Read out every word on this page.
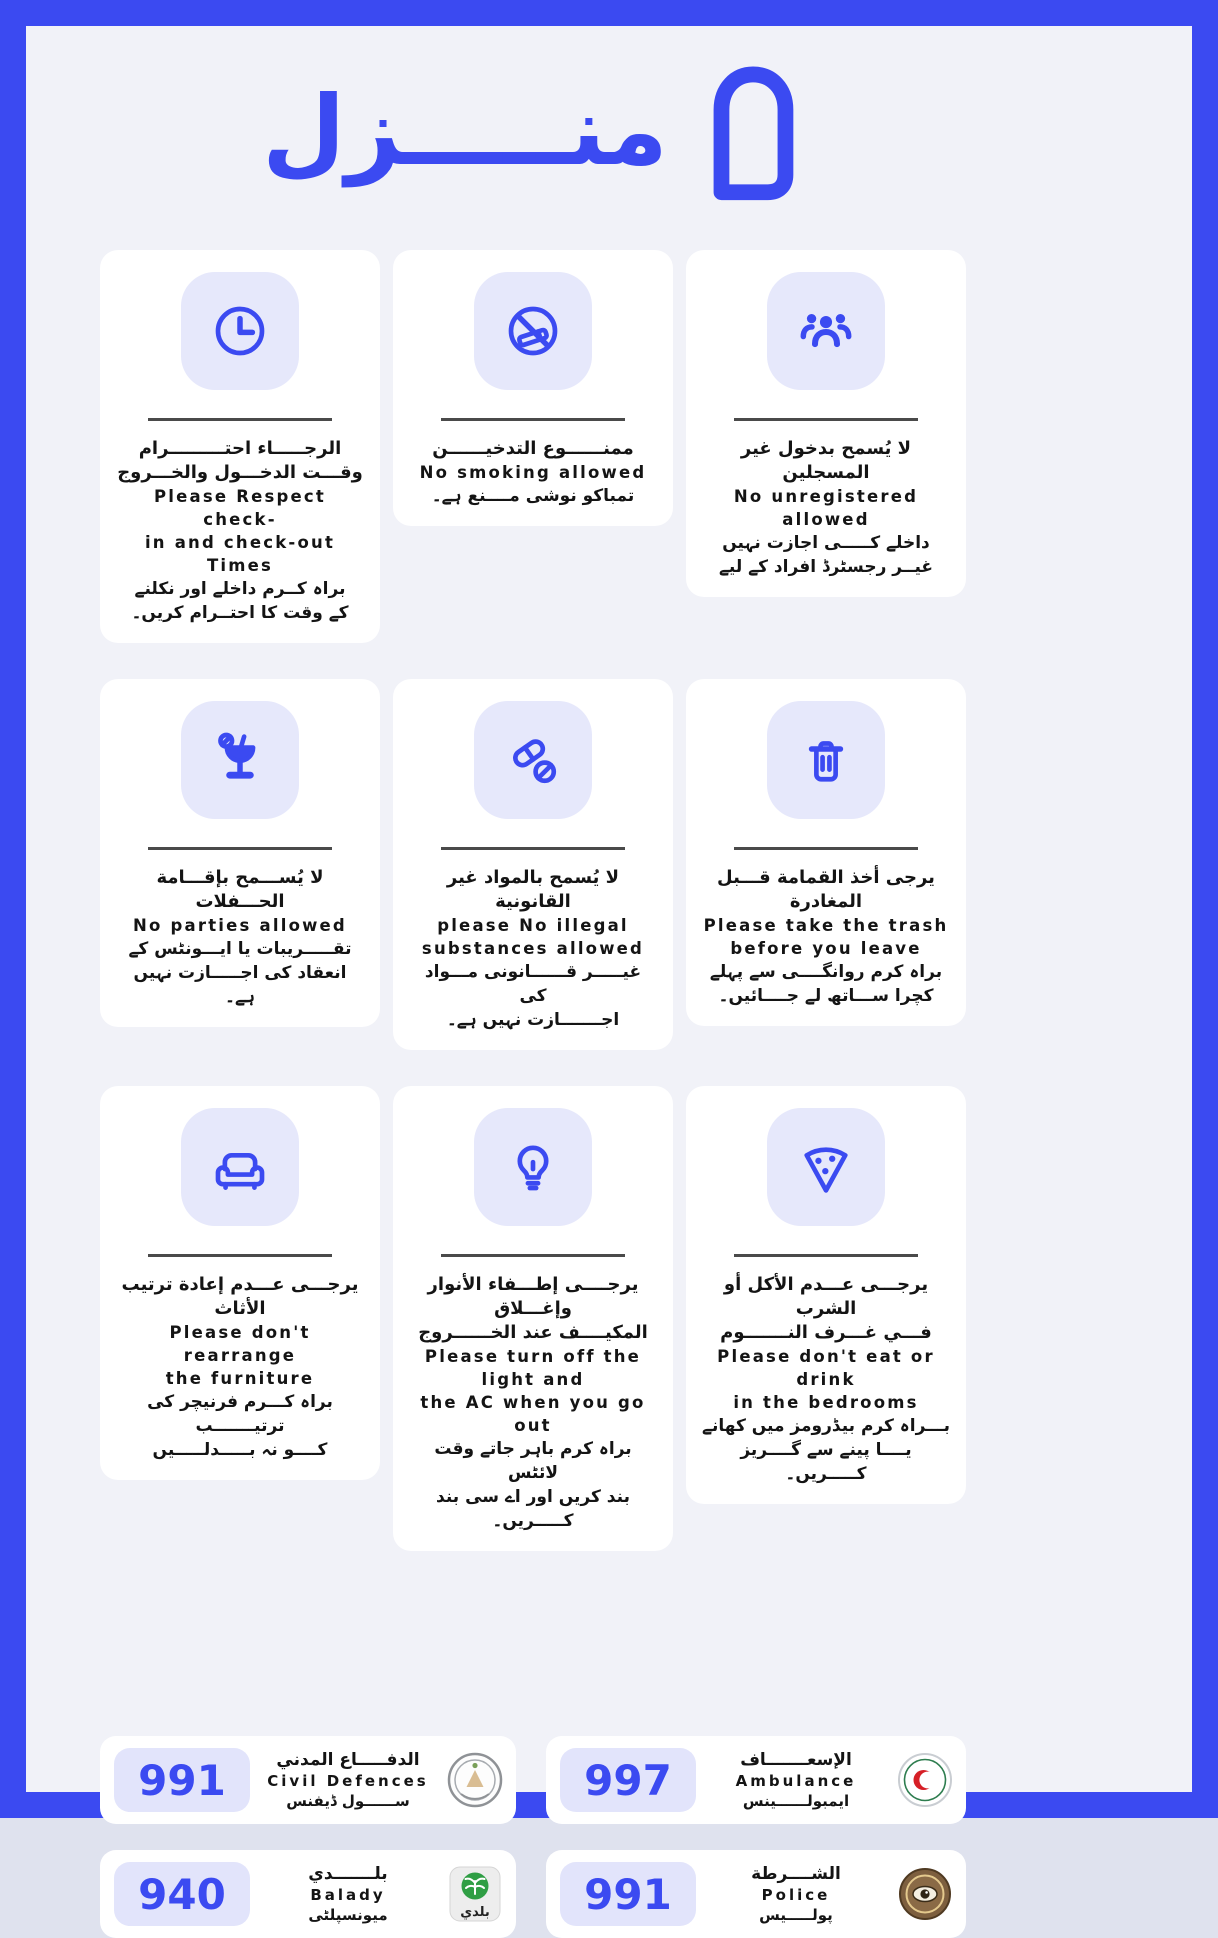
منـــــزل
الرجـــــاء احتـــــــــرام
وقـــت الدخـــول والخـــروج
Please Respect check-
in and check-out Times
براہ کــرم داخلے اور نکلنے
کے وقت کا احتــرام کریں۔
ممنــــــوع التدخيــــــن
No smoking allowed
تمباکو نوشی مــــنع ہے۔
لا يُسمح بدخول غير المسجلين
No unregistered allowed
داخلے کـــــی اجازت نہیں
غیــر رجسٹرڈ افراد کے لیے
لا يُســـمح بإقـــامة الحـــفلات
No parties allowed
تقـــــریبات یا ایـــونٹس کے
انعقاد کی اجـــــازت نہیں ہے۔
لا يُسمح بالمواد غير القانونية
please No illegal
substances allowed
غیـــــر قــــــانونی مـــواد کی
اجـــــــازت نہیں ہے۔
يرجى أخذ القمامة قـــبل المغادرة
Please take the trash
before you leave
براہ کرم روانگــــی سے پہلے
کچرا ســـاتھ لے جــــائیں۔
يرجـــى عـــدم إعادة ترتيب الأثاث
Please don't rearrange
the furniture
براہ کـــرم فرنیچر کی ترتیـــــــب
کــــو نہ بـــــدلـــــیں
يرجــــى إطـــفاء الأنوار وإغـــلاق
المكيــــف عند الخــــــروج
Please turn off the light and
the AC when you go out
براہ کرم باہر جاتے وقت لائٹس
بند کریں اور اے سی بند کـــــریں۔
يرجـــى عـــدم الأكل أو الشرب
فـــي غـــرف النـــــــوم
Please don't eat or drink
in the bedrooms
بـــراہ کرم بیڈرومز میں کھانے
یــــا پینے سے گــــریز کـــــریں۔
991	الدفـــــاع المدني
Civil Defences
ســــــول ڈیفنس	997	الإسعـــــــاف
Ambulance
ایمبولــــــینس
940	بلـــــــدي
Balady
میونسپلٹی	بلدي	991	الشــــرطة
Police
پولـــــیس
